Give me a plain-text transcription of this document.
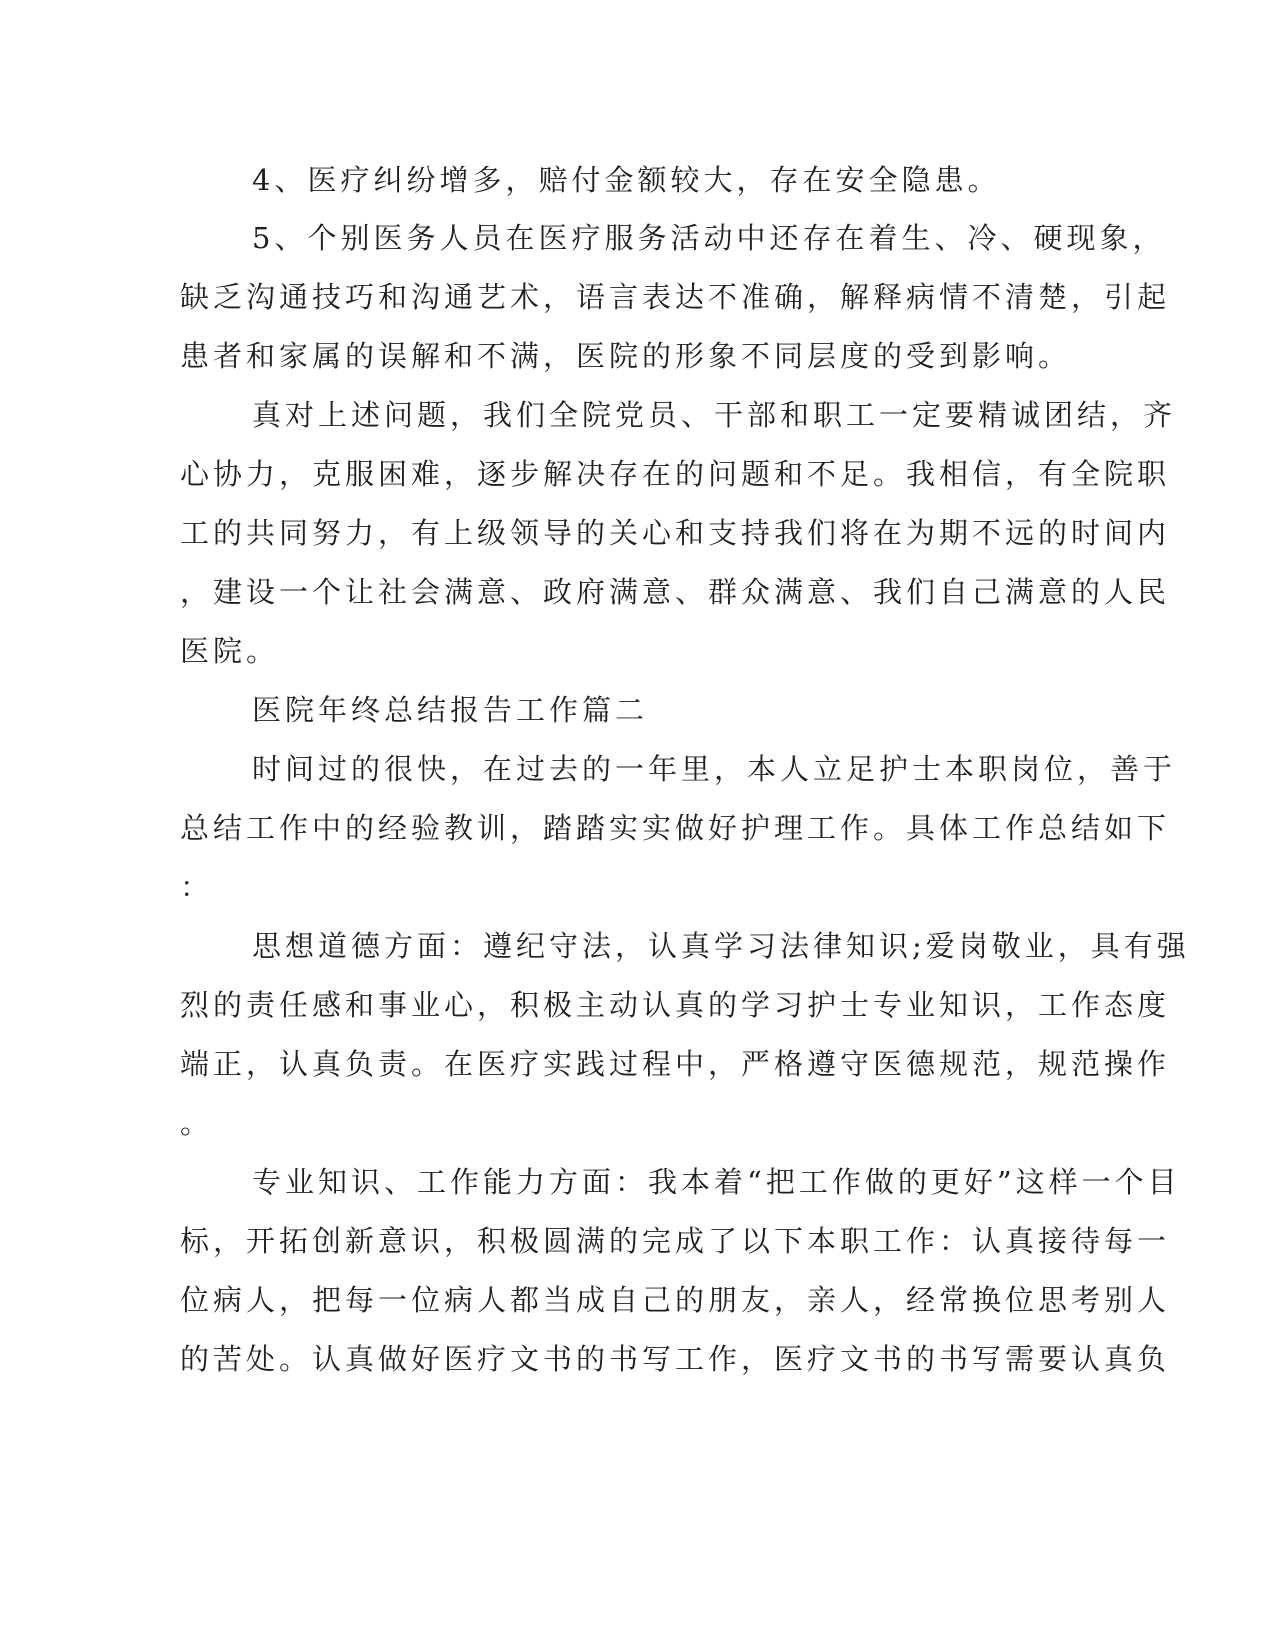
4、医疗纠纷增多，赔付金额较大，存在安全隐患。

5、个别医务人员在医疗服务活动中还存在着生、冷、硬现象，

缺乏沟通技巧和沟通艺术，语言表达不准确，解释病情不清楚，引起

患者和家属的误解和不满，医院的形象不同层度的受到影响。

真对上述问题，我们全院党员、干部和职工一定要精诚团结，齐

心协力，克服困难，逐步解决存在的问题和不足。我相信，有全院职

工的共同努力，有上级领导的关心和支持我们将在为期不远的时间内

，建设一个让社会满意、政府满意、群众满意、我们自己满意的人民

医院。

医院年终总结报告工作篇二

时间过的很快，在过去的一年里，本人立足护士本职岗位，善于

总结工作中的经验教训，踏踏实实做好护理工作。具体工作总结如下

：

思想道德方面：遵纪守法，认真学习法律知识;爱岗敬业，具有强

烈的责任感和事业心，积极主动认真的学习护士专业知识，工作态度

端正，认真负责。在医疗实践过程中，严格遵守医德规范，规范操作

。

专业知识、工作能力方面：我本着“把工作做的更好”这样一个目

标，开拓创新意识，积极圆满的完成了以下本职工作：认真接待每一

位病人，把每一位病人都当成自己的朋友，亲人，经常换位思考别人

的苦处。认真做好医疗文书的书写工作，医疗文书的书写需要认真负
